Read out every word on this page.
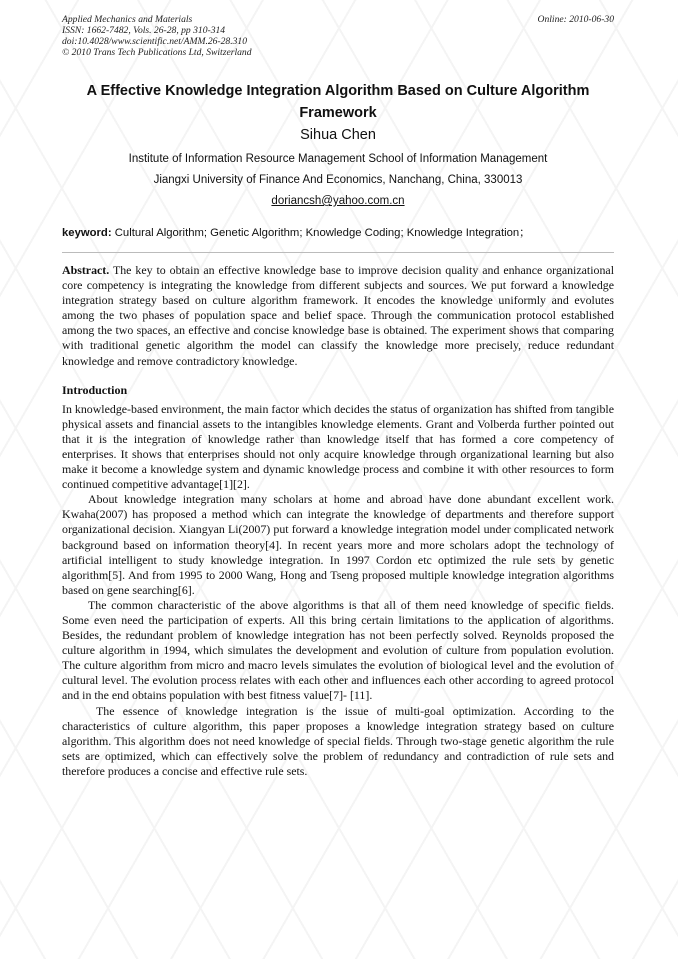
Applied Mechanics and Materials
ISSN: 1662-7482, Vols. 26-28, pp 310-314
doi:10.4028/www.scientific.net/AMM.26-28.310
© 2010 Trans Tech Publications Ltd, Switzerland
Online: 2010-06-30
A Effective Knowledge Integration Algorithm Based on Culture Algorithm Framework
Sihua Chen
Institute of Information Resource Management School of Information Management
Jiangxi University of Finance And Economics, Nanchang, China, 330013
doriancsh@yahoo.com.cn
keyword: Cultural Algorithm; Genetic Algorithm; Knowledge Coding; Knowledge Integration；
Abstract. The key to obtain an effective knowledge base to improve decision quality and enhance organizational core competency is integrating the knowledge from different subjects and sources. We put forward a knowledge integration strategy based on culture algorithm framework. It encodes the knowledge uniformly and evolutes among the two phases of population space and belief space. Through the communication protocol established among the two spaces, an effective and concise knowledge base is obtained. The experiment shows that comparing with traditional genetic algorithm the model can classify the knowledge more precisely, reduce redundant knowledge and remove contradictory knowledge.
Introduction

In knowledge-based environment, the main factor which decides the status of organization has shifted from tangible physical assets and financial assets to the intangibles knowledge elements. Grant and Volberda further pointed out that it is the integration of knowledge rather than knowledge itself that has formed a core competency of enterprises. It shows that enterprises should not only acquire knowledge through organizational learning but also make it become a knowledge system and dynamic knowledge process and combine it with other resources to form continued competitive advantage[1][2].

About knowledge integration many scholars at home and abroad have done abundant excellent work. Kwaha(2007) has proposed a method which can integrate the knowledge of departments and therefore support organizational decision. Xiangyan Li(2007) put forward a knowledge integration model under complicated network background based on information theory[4]. In recent years more and more scholars adopt the technology of artificial intelligent to study knowledge integration. In 1997 Cordon etc optimized the rule sets by genetic algorithm[5]. And from 1995 to 2000 Wang, Hong and Tseng proposed multiple knowledge integration algorithms based on gene searching[6].

The common characteristic of the above algorithms is that all of them need knowledge of specific fields. Some even need the participation of experts. All this bring certain limitations to the application of algorithms. Besides, the redundant problem of knowledge integration has not been perfectly solved. Reynolds proposed the culture algorithm in 1994, which simulates the development and evolution of culture from population evolution. The culture algorithm from micro and macro levels simulates the evolution of biological level and the evolution of cultural level. The evolution process relates with each other and influences each other according to agreed protocol and in the end obtains population with best fitness value[7]- [11].

The essence of knowledge integration is the issue of multi-goal optimization. According to the characteristics of culture algorithm, this paper proposes a knowledge integration strategy based on culture algorithm. This algorithm does not need knowledge of special fields. Through two-stage genetic algorithm the rule sets are optimized, which can effectively solve the problem of redundancy and contradiction of rule sets and therefore produces a concise and effective rule sets.
